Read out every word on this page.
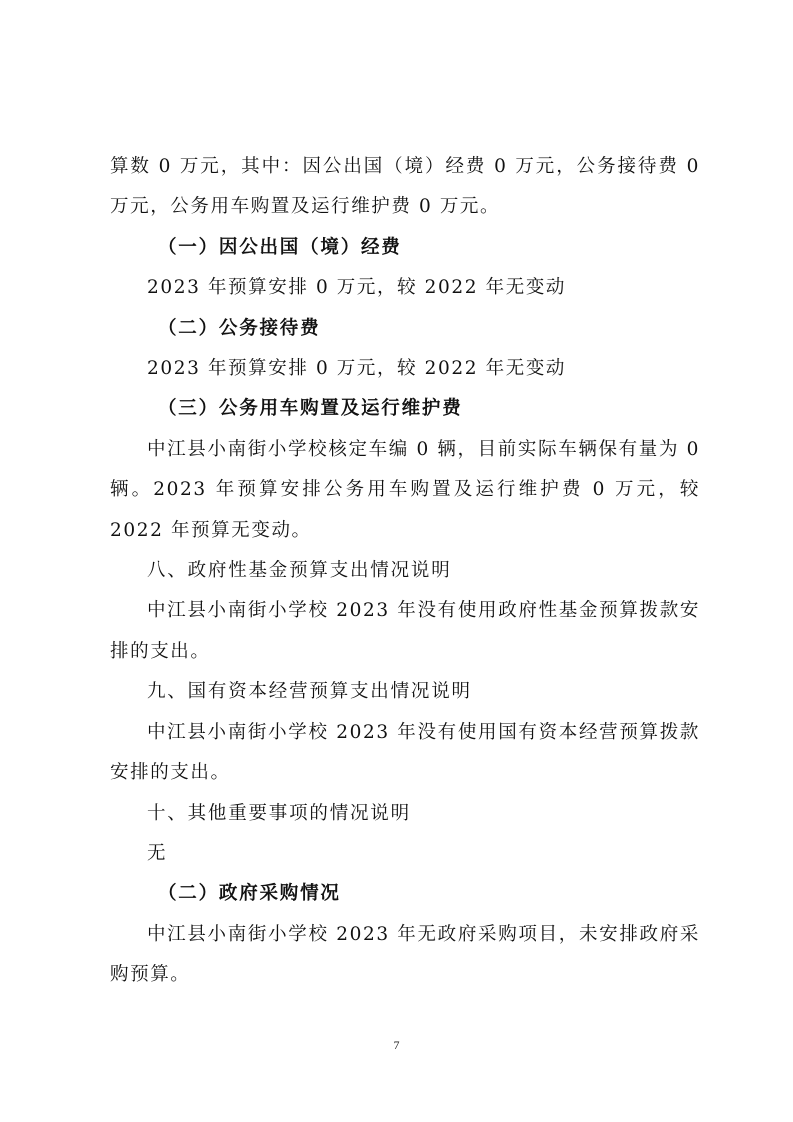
算数 0 万元，其中：因公出国（境）经费 0 万元，公务接待费 0 万元，公务用车购置及运行维护费 0 万元。

（一）因公出国（境）经费

2023 年预算安排 0 万元，较 2022 年无变动

（二）公务接待费

2023 年预算安排 0 万元，较 2022 年无变动

（三）公务用车购置及运行维护费

中江县小南街小学校核定车编 0 辆，目前实际车辆保有量为 0 辆。2023 年预算安排公务用车购置及运行维护费 0 万元，较 2022 年预算无变动。

八、政府性基金预算支出情况说明

中江县小南街小学校 2023 年没有使用政府性基金预算拨款安排的支出。

九、国有资本经营预算支出情况说明

中江县小南街小学校 2023 年没有使用国有资本经营预算拨款安排的支出。

十、其他重要事项的情况说明
无
（二）政府采购情况

中江县小南街小学校 2023 年无政府采购项目，未安排政府采购预算。

7
